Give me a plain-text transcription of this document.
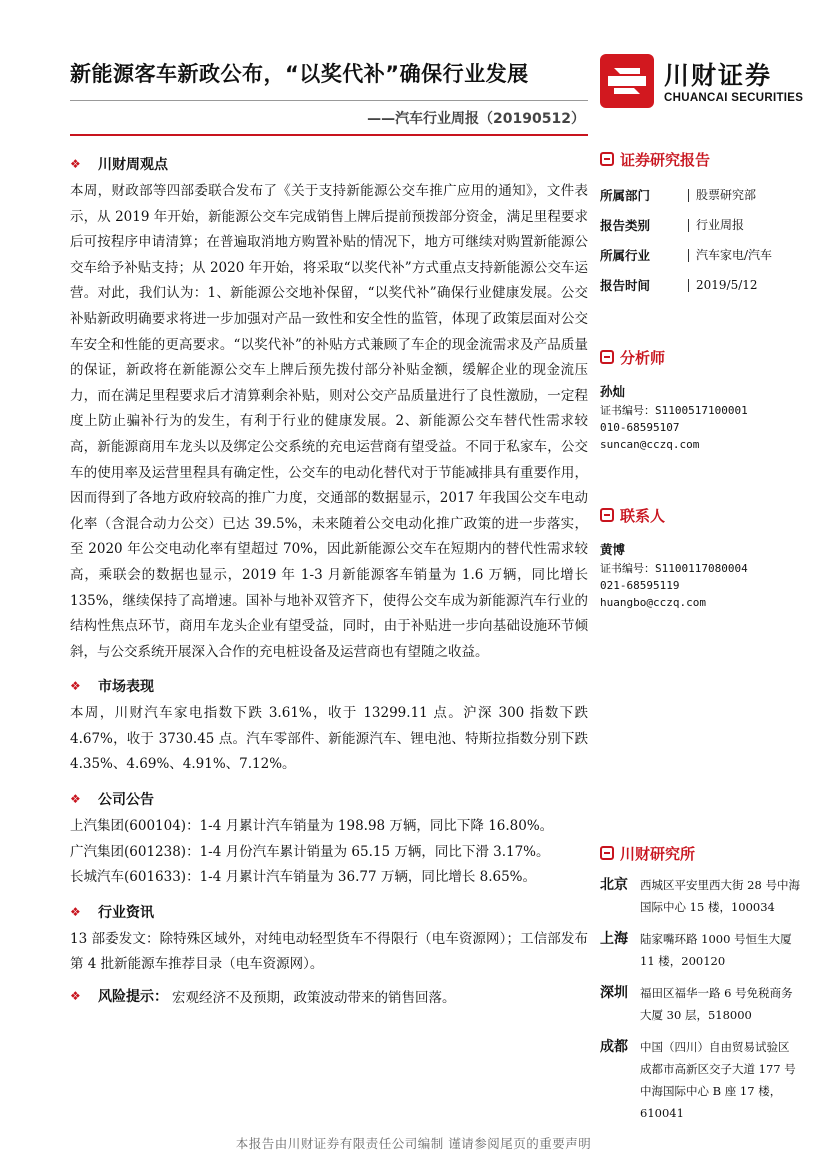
新能源客车新政公布，“以奖代补”确保行业发展
——汽车行业周报（20190512）
川财证券
CHUANCAI SECURITIES
❖	川财周观点
本周，财政部等四部委联合发布了《关于支持新能源公交车推广应用的通知》，文件表示，从 2019 年开始，新能源公交车完成销售上牌后提前预拨部分资金，满足里程要求后可按程序申请清算；在普遍取消地方购置补贴的情况下，地方可继续对购置新能源公交车给予补贴支持；从 2020 年开始，将采取“以奖代补”方式重点支持新能源公交车运营。对此，我们认为：1、新能源公交地补保留，“以奖代补”确保行业健康发展。公交补贴新政明确要求将进一步加强对产品一致性和安全性的监管，体现了政策层面对公交车安全和性能的更高要求。“以奖代补”的补贴方式兼顾了车企的现金流需求及产品质量的保证，新政将在新能源公交车上牌后预先拨付部分补贴金额，缓解企业的现金流压力，而在满足里程要求后才清算剩余补贴，则对公交产品质量进行了良性激励，一定程度上防止骗补行为的发生，有利于行业的健康发展。2、新能源公交车替代性需求较高，新能源商用车龙头以及绑定公交系统的充电运营商有望受益。不同于私家车，公交车的使用率及运营里程具有确定性，公交车的电动化替代对于节能减排具有重要作用，因而得到了各地方政府较高的推广力度，交通部的数据显示，2017 年我国公交车电动化率（含混合动力公交）已达 39.5%，未来随着公交电动化推广政策的进一步落实，至 2020 年公交电动化率有望超过 70%，因此新能源公交车在短期内的替代性需求较高，乘联会的数据也显示，2019 年 1-3 月新能源客车销量为 1.6 万辆，同比增长 135%，继续保持了高增速。国补与地补双管齐下，使得公交车成为新能源汽车行业的结构性焦点环节，商用车龙头企业有望受益，同时，由于补贴进一步向基础设施环节倾斜，与公交系统开展深入合作的充电桩设备及运营商也有望随之收益。
❖	市场表现
本周，川财汽车家电指数下跌 3.61%，收于 13299.11 点。沪深 300 指数下跌 4.67%，收于 3730.45 点。汽车零部件、新能源汽车、锂电池、特斯拉指数分别下跌 4.35%、4.69%、4.91%、7.12%。
❖	公司公告

上汽集团(600104)：1-4 月累计汽车销量为 198.98 万辆，同比下降 16.80%。

广汽集团(601238)：1-4 月份汽车累计销量为 65.15 万辆，同比下滑 3.17%。

长城汽车(601633)：1-4 月累计汽车销量为 36.77 万辆，同比增长 8.65%。

❖	行业资讯
13 部委发文：除特殊区域外，对纯电动轻型货车不得限行（电车资源网）；工信部发布第 4 批新能源车推荐目录（电车资源网）。
❖	风险提示： 宏观经济不及预期，政策波动带来的销售回落。
证券研究报告
所属部门	股票研究部
报告类别	行业周报
所属行业	汽车家电/汽车
报告时间	2019/5/12
分析师
孙灿
证书编号：S1100517100001
010-68595107
suncan@cczq.com
联系人
黄博
证书编号：S1100117080004
021-68595119
huangbo@cczq.com
川财研究所
北京	西城区平安里西大街 28 号中海国际中心 15 楼，100034
上海	陆家嘴环路 1000 号恒生大厦 11 楼，200120
深圳	福田区福华一路 6 号免税商务大厦 30 层，518000
成都	中国（四川）自由贸易试验区成都市高新区交子大道 177 号中海国际中心 B 座 17 楼，610041
本报告由川财证券有限责任公司编制 谨请参阅尾页的重要声明
